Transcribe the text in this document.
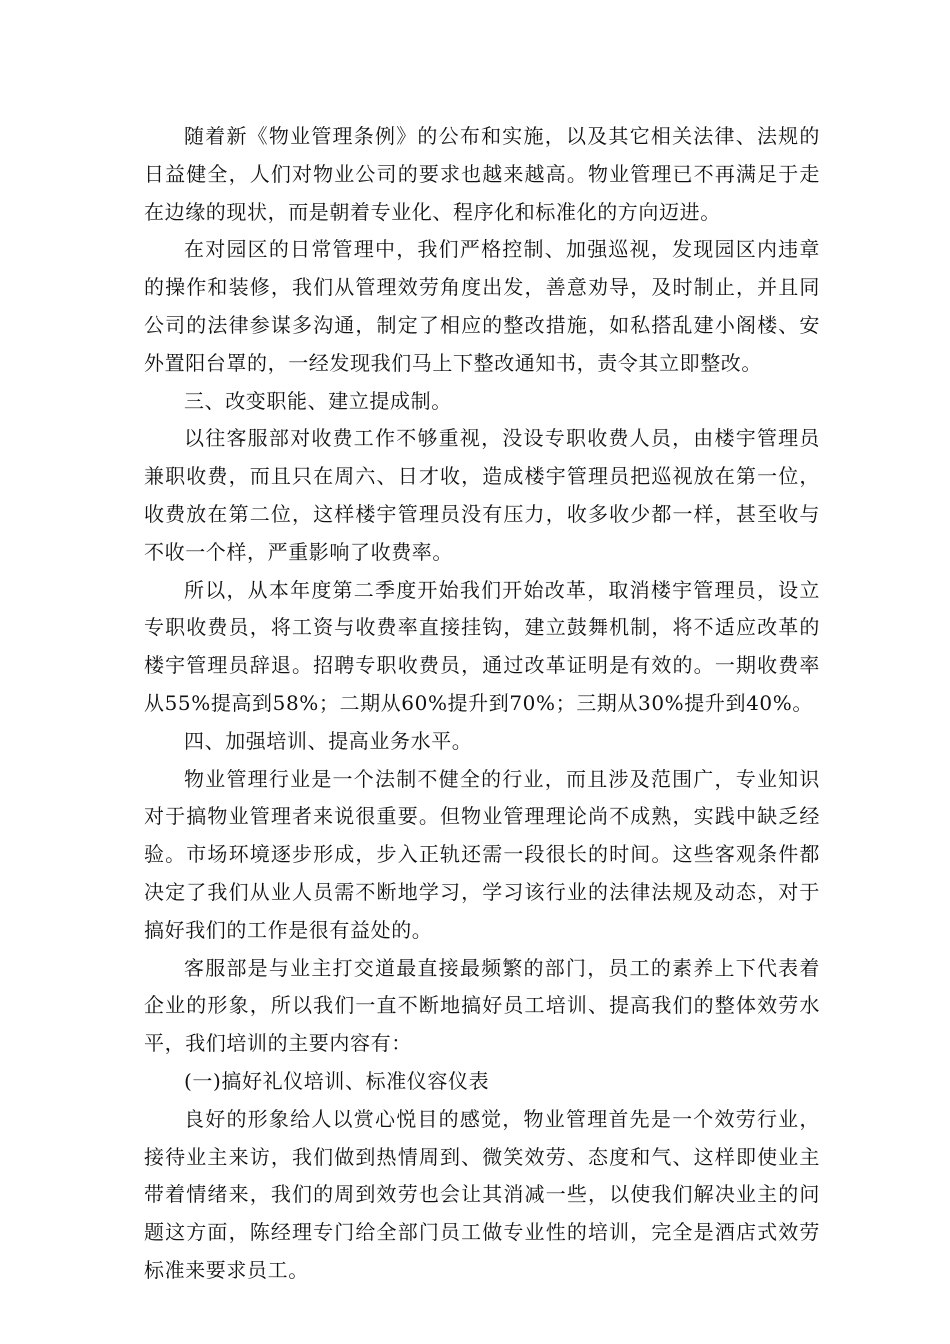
随着新《物业管理条例》的公布和实施，以及其它相关法律、法规的日益健全，人们对物业公司的要求也越来越高。物业管理已不再满足于走在边缘的现状，而是朝着专业化、程序化和标准化的方向迈进。

在对园区的日常管理中，我们严格控制、加强巡视，发现园区内违章的操作和装修，我们从管理效劳角度出发，善意劝导，及时制止，并且同公司的法律参谋多沟通，制定了相应的整改措施，如私搭乱建小阁楼、安外置阳台罩的，一经发现我们马上下整改通知书，责令其立即整改。

三、改变职能、建立提成制。

以往客服部对收费工作不够重视，没设专职收费人员，由楼宇管理员兼职收费，而且只在周六、日才收，造成楼宇管理员把巡视放在第一位，收费放在第二位，这样楼宇管理员没有压力，收多收少都一样，甚至收与不收一个样，严重影响了收费率。

所以，从本年度第二季度开始我们开始改革，取消楼宇管理员，设立专职收费员，将工资与收费率直接挂钩，建立鼓舞机制，将不适应改革的楼宇管理员辞退。招聘专职收费员，通过改革证明是有效的。一期收费率从55%提高到58%；二期从60%提升到70%；三期从30%提升到40%。

四、加强培训、提高业务水平。

物业管理行业是一个法制不健全的行业，而且涉及范围广，专业知识对于搞物业管理者来说很重要。但物业管理理论尚不成熟，实践中缺乏经验。市场环境逐步形成，步入正轨还需一段很长的时间。这些客观条件都决定了我们从业人员需不断地学习，学习该行业的法律法规及动态，对于搞好我们的工作是很有益处的。

客服部是与业主打交道最直接最频繁的部门，员工的素养上下代表着企业的形象，所以我们一直不断地搞好员工培训、提高我们的整体效劳水平，我们培训的主要内容有：

(一)搞好礼仪培训、标准仪容仪表

良好的形象给人以赏心悦目的感觉，物业管理首先是一个效劳行业，接待业主来访，我们做到热情周到、微笑效劳、态度和气、这样即使业主带着情绪来，我们的周到效劳也会让其消减一些，以使我们解决业主的问题这方面，陈经理专门给全部门员工做专业性的培训，完全是酒店式效劳标准来要求员工。
